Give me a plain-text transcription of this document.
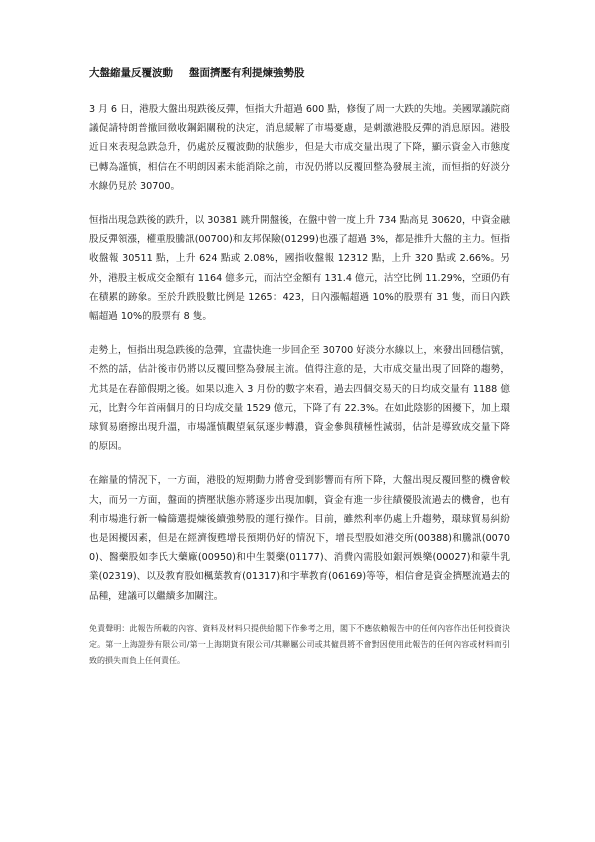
大盤縮量反覆波動 盤面擠壓有利提煉強勢股

3 月 6 日，港股大盤出現跌後反彈，恒指大升超過 600 點，修復了周一大跌的失地。美國眾議院商議促請特朗普撤回徵收鋼鋁關稅的決定，消息緩解了市場憂慮，是刺激港股反彈的消息原因。港股近日來表現急跌急升，仍處於反覆波動的狀態步，但是大市成交量出現了下降，顯示資金入市態度已轉為謹慎，相信在不明朗因素未能消除之前，市況仍將以反覆回整為發展主流，而恒指的好淡分水線仍見於 30700。

恒指出現急跌後的跌升，以 30381 跳升開盤後，在盤中曾一度上升 734 點高見 30620，中資金融股反彈領漲，權重股騰訊(00700)和友邦保險(01299)也漲了超過 3%，都是推升大盤的主力。恒指收盤報 30511 點，上升 624 點或 2.08%，國指收盤報 12312 點，上升 320 點或 2.66%。另外，港股主板成交金額有 1164 億多元，而沽空金額有 131.4 億元，沽空比例 11.29%，空頭仍有在積累的跡象。至於升跌股數比例是 1265：423，日內漲幅超過 10%的股票有 31 隻，而日內跌幅超過 10%的股票有 8 隻。

走勢上，恒指出現急跌後的急彈，宜盡快進一步回企至 30700 好淡分水線以上，來發出回穩信號，不然的話，估計後市仍將以反覆回整為發展主流。值得注意的是，大市成交量出現了回降的趨勢，尤其是在春節假期之後。如果以進入 3 月份的數字來看，過去四個交易天的日均成交量有 1188 億元，比對今年首兩個月的日均成交量 1529 億元，下降了有 22.3%。在如此陰影的困擾下，加上環球貿易磨擦出現升溫，市場謹慎觀望氣氛逐步轉濃，資金參與積極性減弱，估計是導致成交量下降的原因。

在縮量的情況下，一方面，港股的短期動力將會受到影響而有所下降，大盤出現反覆回整的機會較大，而另一方面，盤面的擠壓狀態亦將逐步出現加劇，資金有進一步往績優股流過去的機會，也有利市場進行新一輪篩選提煉後續強勢股的運行操作。目前，雖然利率仍處上升趨勢，環球貿易糾紛也是困擾因素，但是在經濟復甦增長預期仍好的情況下，增長型股如港交所(00388)和騰訊(00700)、醫藥股如李氏大藥廠(00950)和中生製藥(01177)、消費內需股如銀河娛樂(00027)和蒙牛乳業(02319)、以及教育股如楓葉教育(01317)和宇華教育(06169)等等，相信會是資金擠壓流過去的品種，建議可以繼續多加關注。

免責聲明：此報告所載的內容、資料及材料只提供給閣下作參考之用，閣下不應依賴報告中的任何內容作出任何投資決定。第一上海證券有限公司/第一上海期貨有限公司/其聯屬公司或其僱員將不會對因使用此報告的任何內容或材料而引致的損失而負上任何責任。
